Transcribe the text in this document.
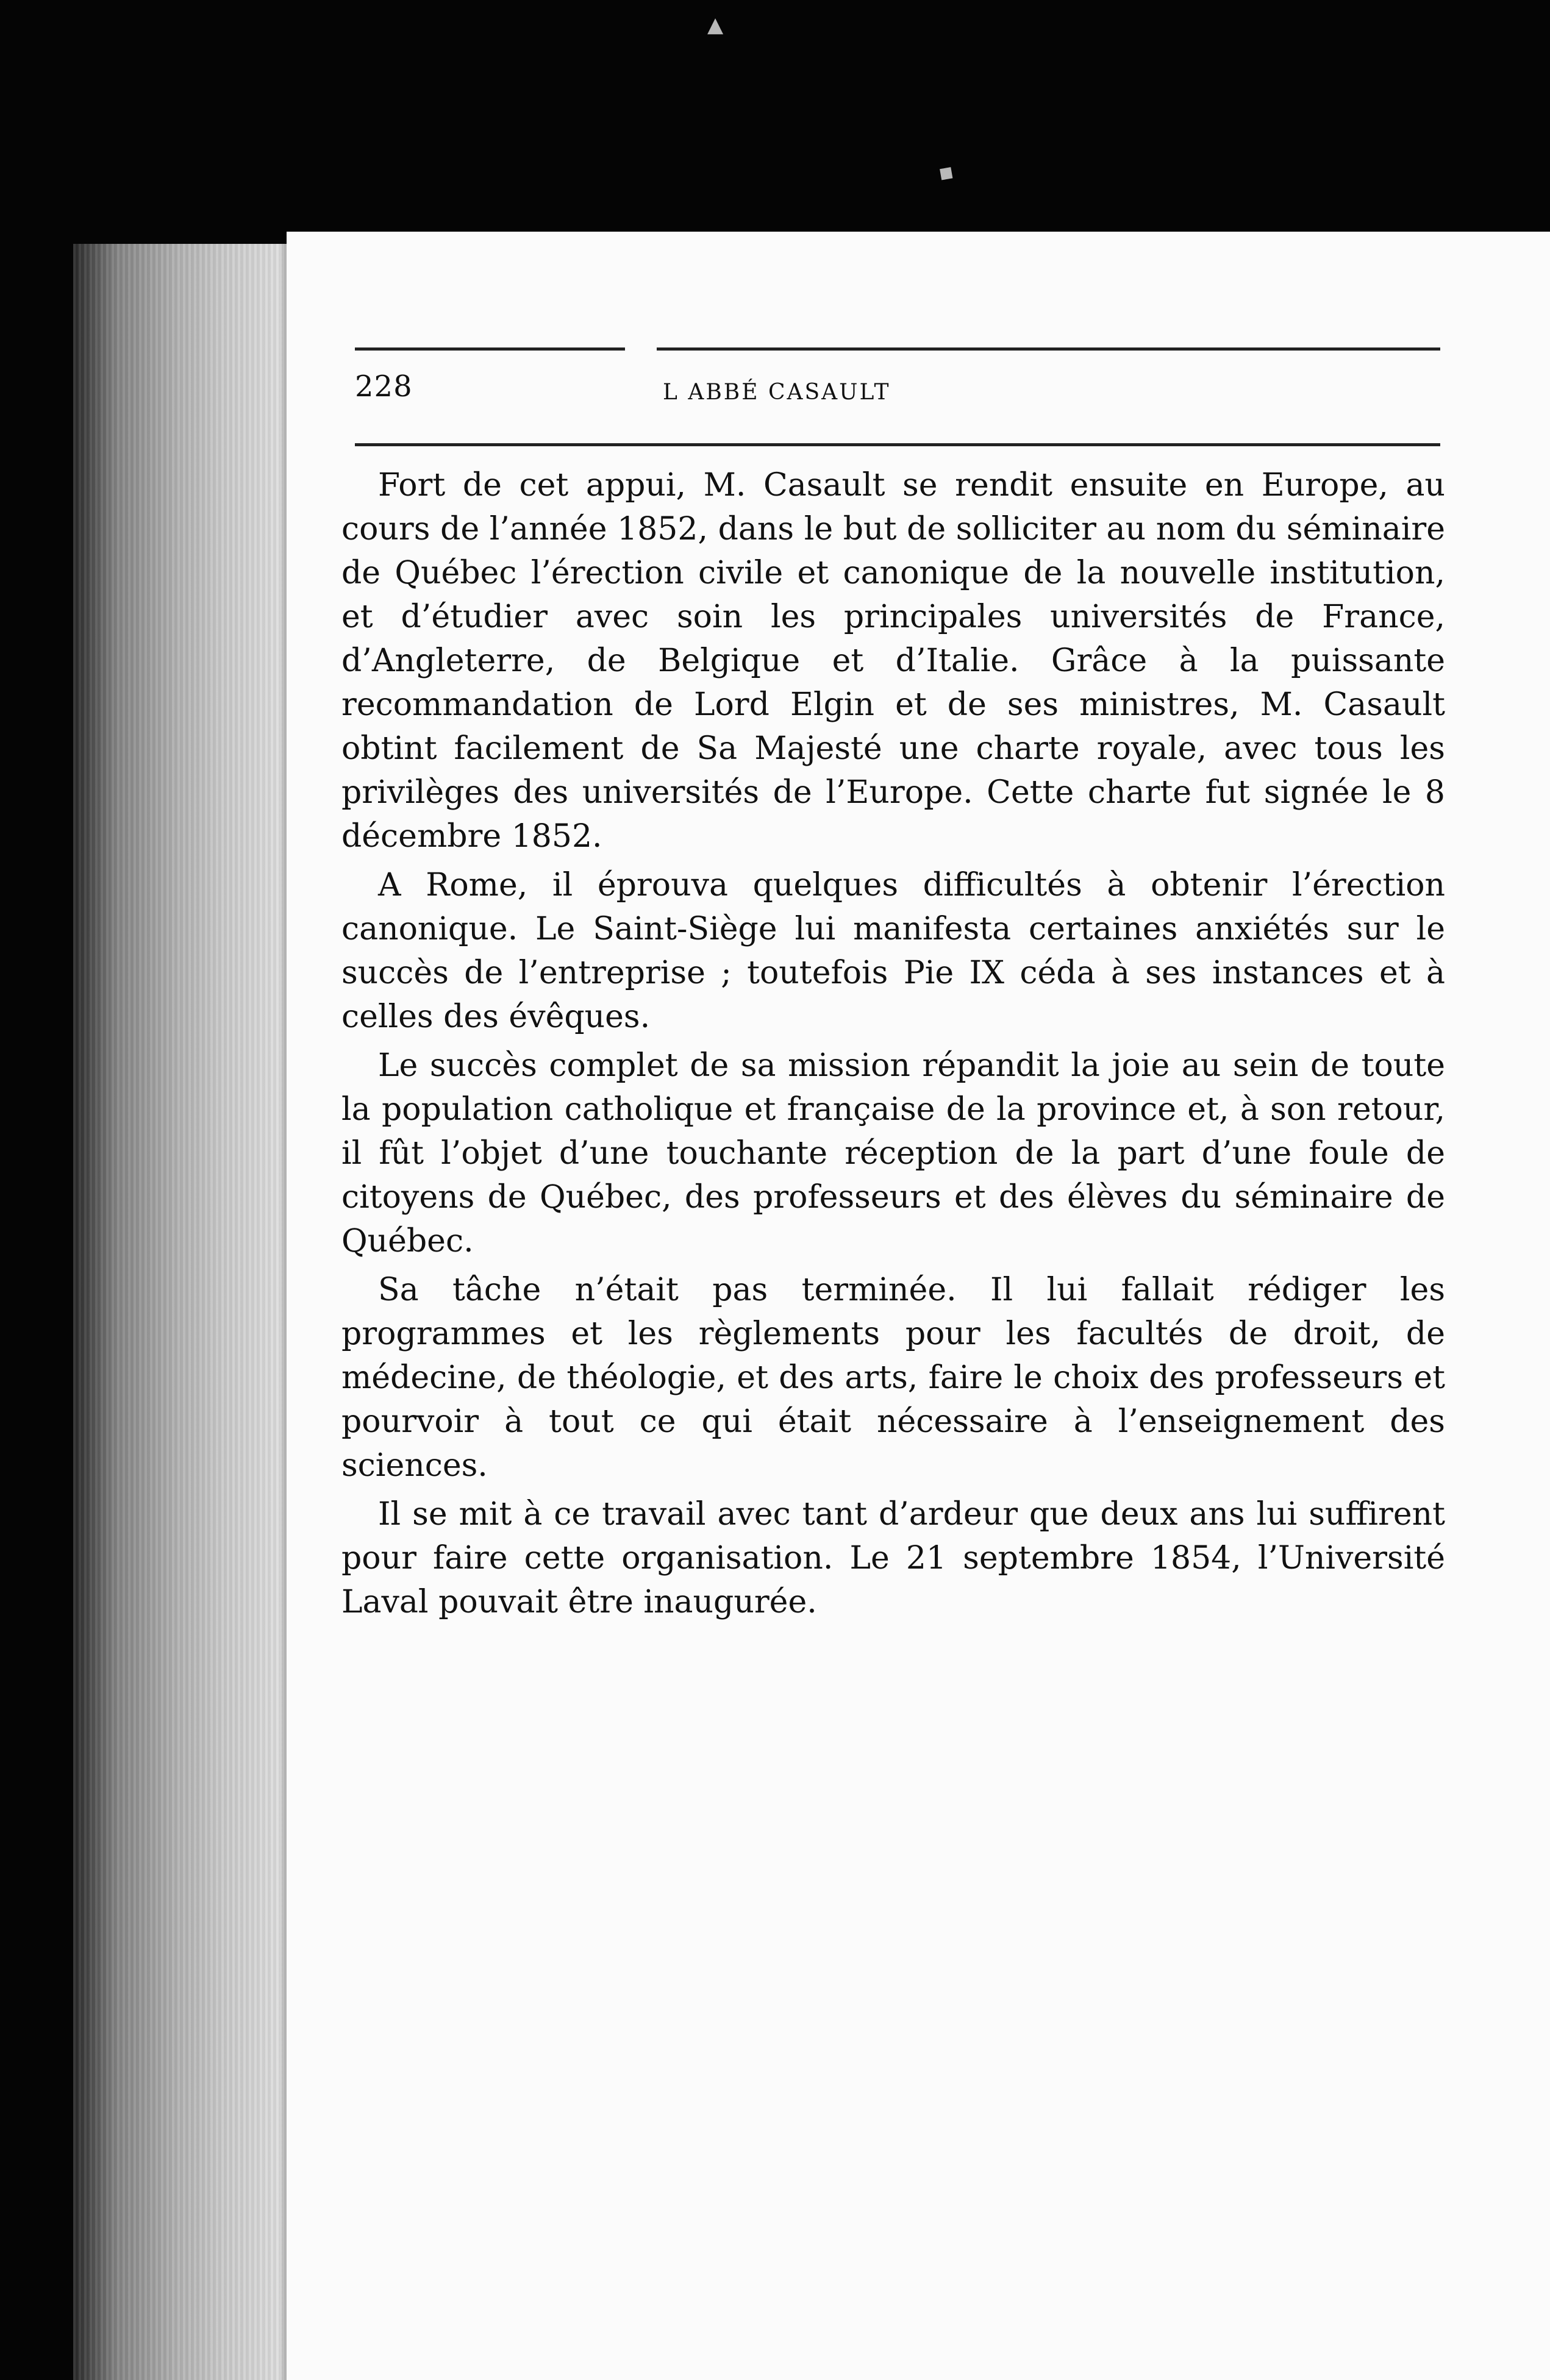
▲
◆
228	L ABBÉ CASAULT

Fort de cet appui, M. Casault se rendit ensuite en Europe, au cours de l’année 1852, dans le but de solliciter au nom du séminaire de Québec l’érection civile et canonique de la nouvelle institution, et d’étudier avec soin les principales universités de France, d’Angleterre, de Belgique et d’Italie. Grâce à la puissante recommandation de Lord Elgin et de ses ministres, M. Casault obtint facilement de Sa Majesté une charte royale, avec tous les privilèges des universités de l’Europe. Cette charte fut signée le 8 décembre 1852.

A Rome, il éprouva quelques difficultés à obtenir l’érection canonique. Le Saint-Siège lui manifesta certaines anxiétés sur le succès de l’entreprise ; toutefois Pie IX céda à ses instances et à celles des évêques.

Le succès complet de sa mission répandit la joie au sein de toute la population catholique et française de la province et, à son retour, il fût l’objet d’une touchante réception de la part d’une foule de citoyens de Québec, des professeurs et des élèves du séminaire de Québec.

Sa tâche n’était pas terminée. Il lui fallait rédiger les programmes et les règlements pour les facultés de droit, de médecine, de théologie, et des arts, faire le choix des professeurs et pourvoir à tout ce qui était nécessaire à l’enseignement des sciences.

Il se mit à ce travail avec tant d’ardeur que deux ans lui suffirent pour faire cette organisation. Le 21 septembre 1854, l’Université Laval pouvait être inaugurée.
